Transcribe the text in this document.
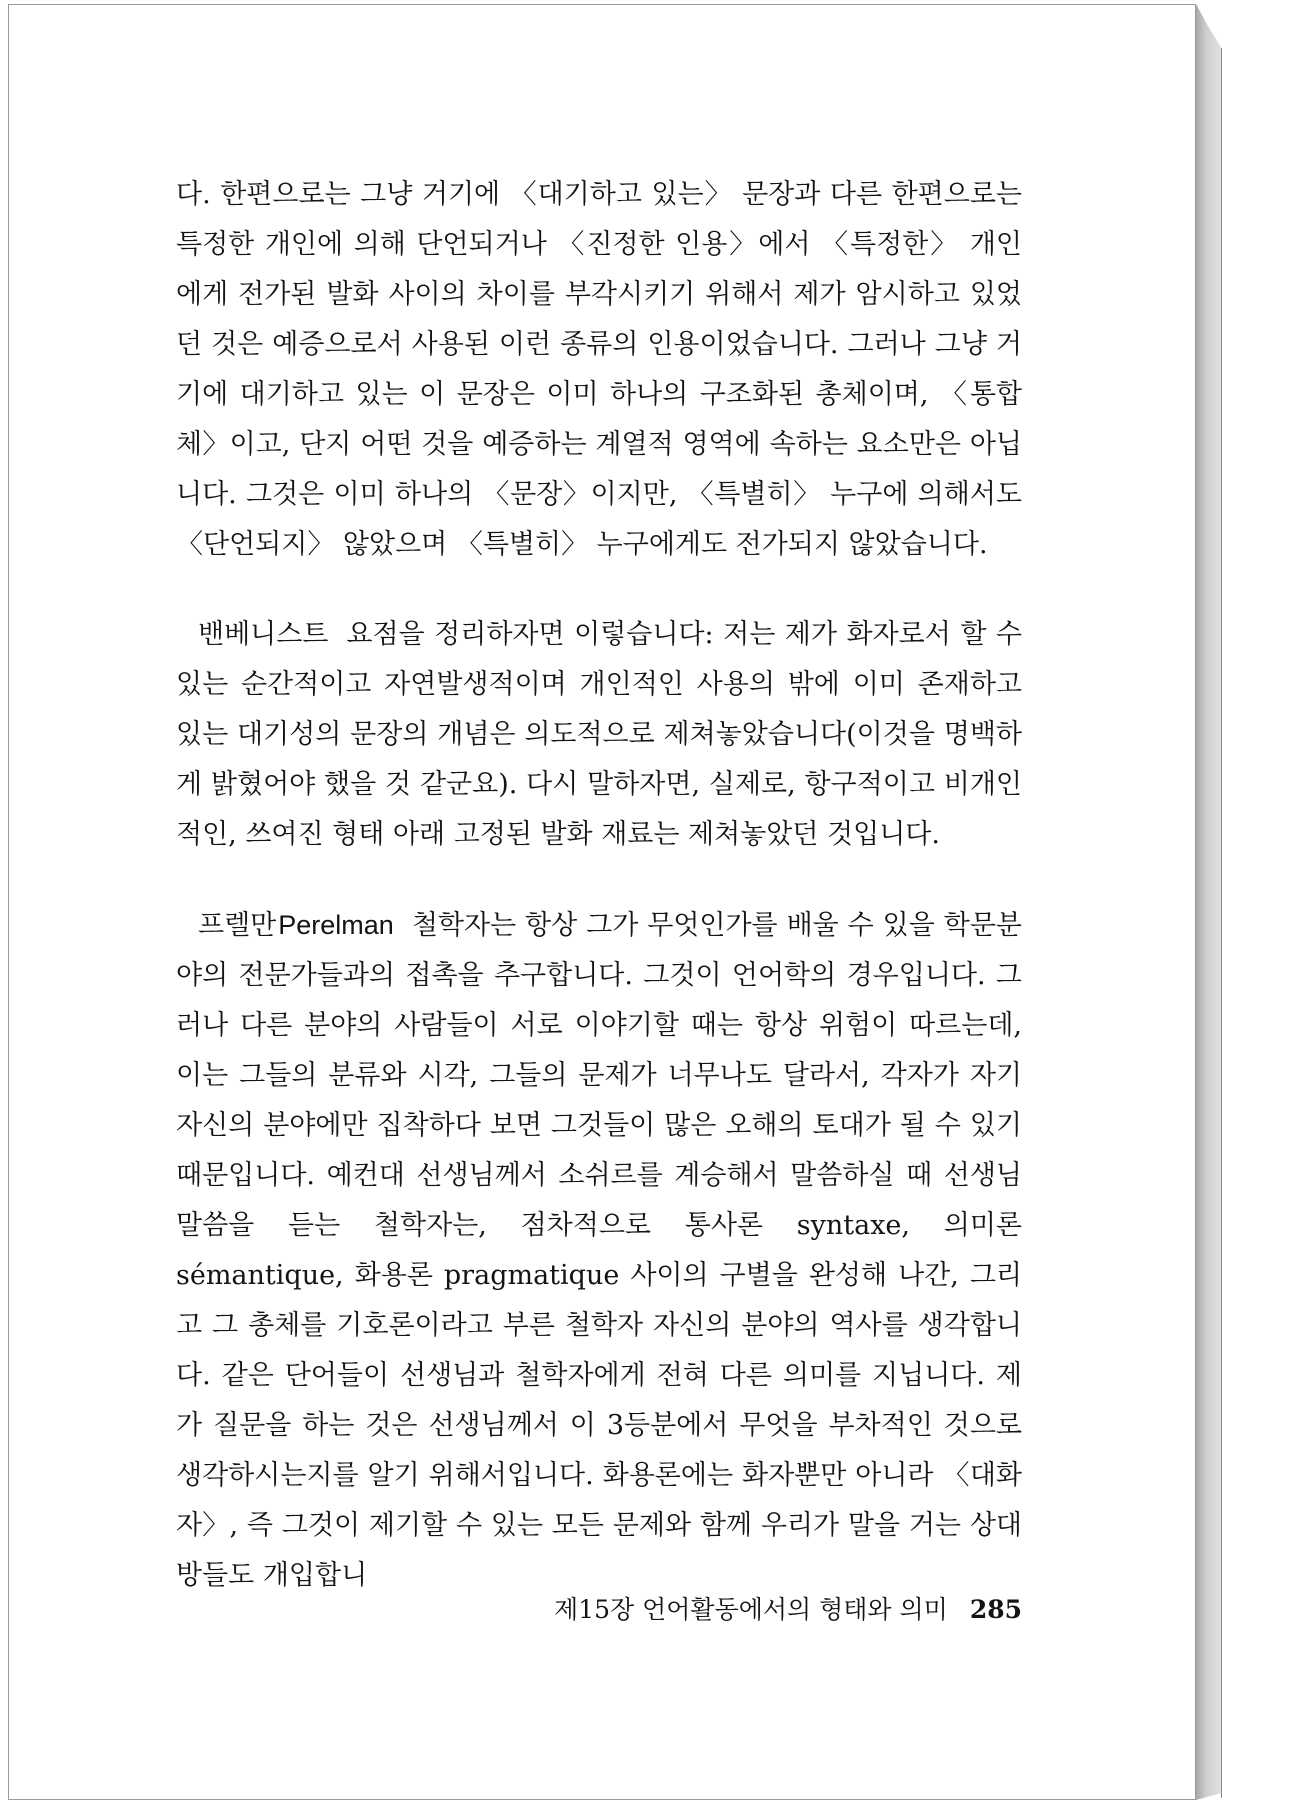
다. 한편으로는 그냥 거기에 〈대기하고 있는〉 문장과 다른 한편으로는 특정한 개인에 의해 단언되거나 〈진정한 인용〉에서 〈특정한〉 개인에게 전가된 발화 사이의 차이를 부각시키기 위해서 제가 암시하고 있었던 것은 예증으로서 사용된 이런 종류의 인용이었습니다. 그러나 그냥 거기에 대기하고 있는 이 문장은 이미 하나의 구조화된 총체이며, 〈통합체〉이고, 단지 어떤 것을 예증하는 계열적 영역에 속하는 요소만은 아닙니다. 그것은 이미 하나의 〈문장〉이지만, 〈특별히〉 누구에 의해서도 〈단언되지〉 않았으며 〈특별히〉 누구에게도 전가되지 않았습니다.

밴베니스트 요점을 정리하자면 이렇습니다: 저는 제가 화자로서 할 수 있는 순간적이고 자연발생적이며 개인적인 사용의 밖에 이미 존재하고 있는 대기성의 문장의 개념은 의도적으로 제쳐놓았습니다(이것을 명백하게 밝혔어야 했을 것 같군요). 다시 말하자면, 실제로, 항구적이고 비개인적인, 쓰여진 형태 아래 고정된 발화 재료는 제쳐놓았던 것입니다.

프렐만Perelman 철학자는 항상 그가 무엇인가를 배울 수 있을 학문분야의 전문가들과의 접촉을 추구합니다. 그것이 언어학의 경우입니다. 그러나 다른 분야의 사람들이 서로 이야기할 때는 항상 위험이 따르는데, 이는 그들의 분류와 시각, 그들의 문제가 너무나도 달라서, 각자가 자기 자신의 분야에만 집착하다 보면 그것들이 많은 오해의 토대가 될 수 있기 때문입니다. 예컨대 선생님께서 소쉬르를 계승해서 말씀하실 때 선생님 말씀을 듣는 철학자는, 점차적으로 통사론 syntaxe, 의미론 sémantique, 화용론 pragmatique 사이의 구별을 완성해 나간, 그리고 그 총체를 기호론이라고 부른 철학자 자신의 분야의 역사를 생각합니다. 같은 단어들이 선생님과 철학자에게 전혀 다른 의미를 지닙니다. 제가 질문을 하는 것은 선생님께서 이 3등분에서 무엇을 부차적인 것으로 생각하시는지를 알기 위해서입니다. 화용론에는 화자뿐만 아니라 〈대화자〉, 즉 그것이 제기할 수 있는 모든 문제와 함께 우리가 말을 거는 상대방들도 개입합니

제15장 언어활동에서의 형태와 의미 285
